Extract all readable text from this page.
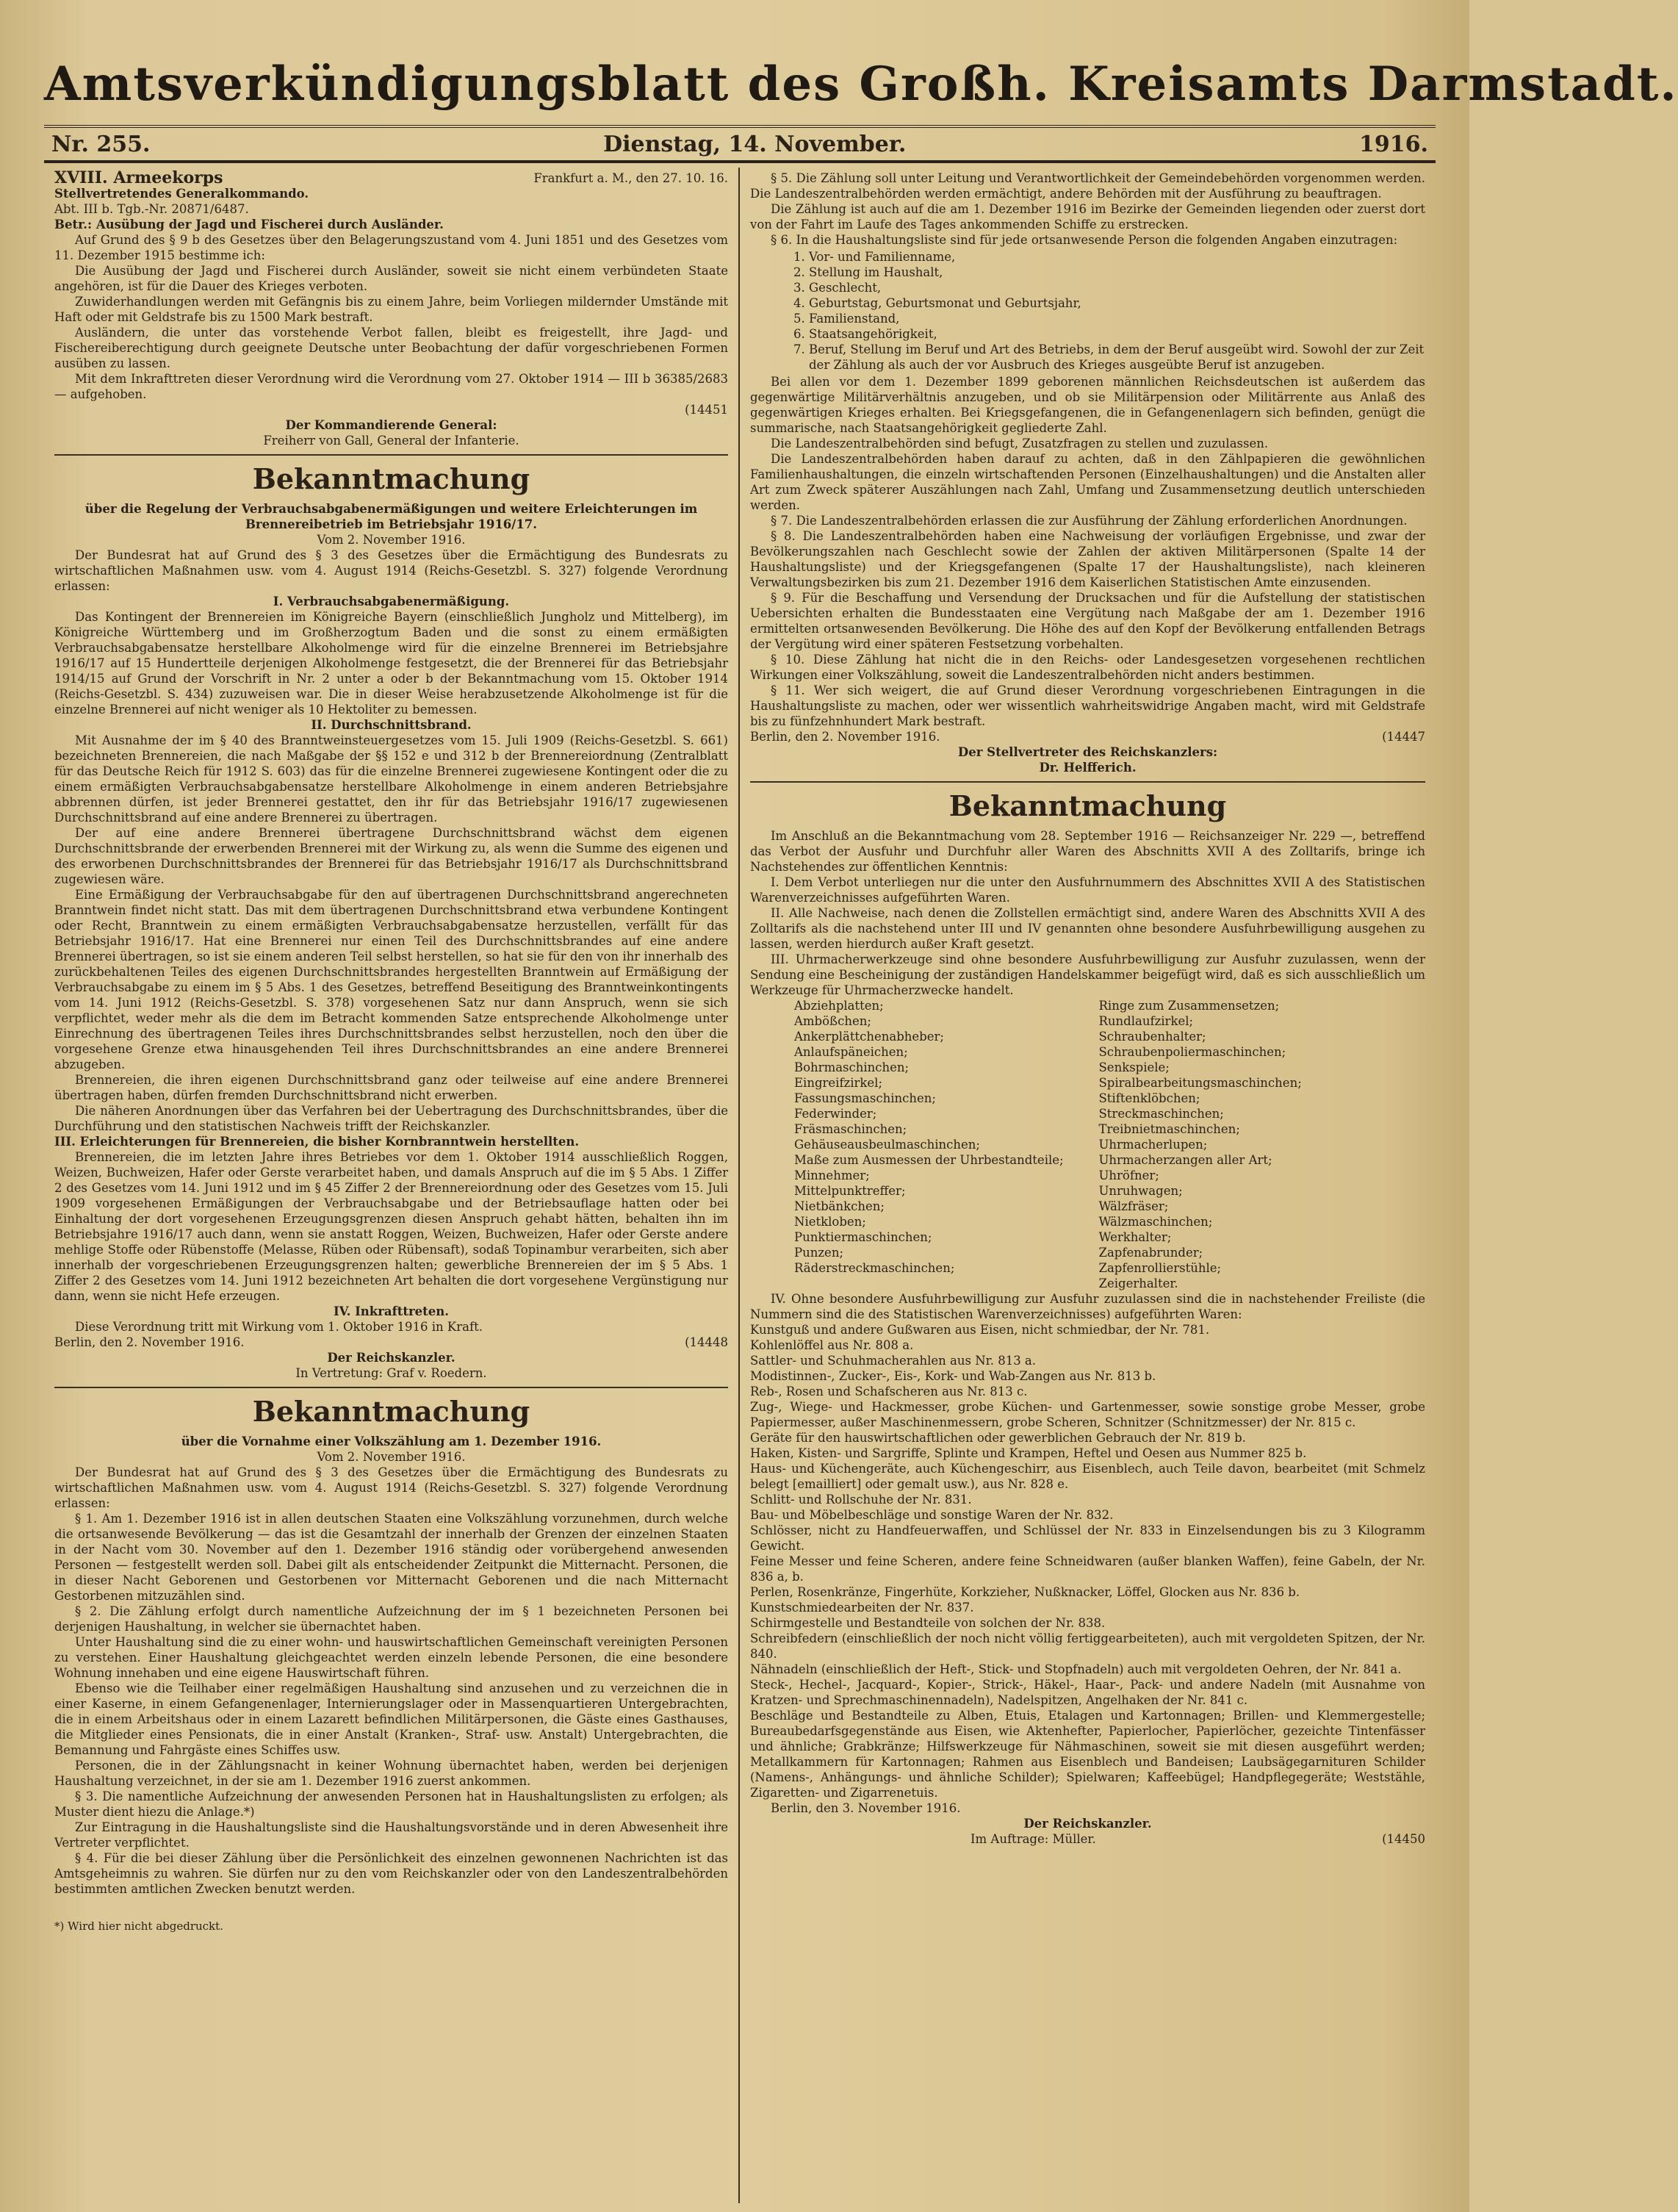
Amtsverkündigungsblatt des Großh. Kreisamts Darmstadt.
Nr. 255.	Dienstag, 14. November.	1916.
XVIII. Armeekorps	Frankfurt a. M., den 27. 10. 16.

Stellvertretendes Generalkommando.

Abt. III b. Tgb.-Nr. 20871/6487.

Betr.: Ausübung der Jagd und Fischerei durch Ausländer.

Auf Grund des § 9 b des Gesetzes über den Belagerungszustand vom 4. Juni 1851 und des Gesetzes vom 11. Dezember 1915 bestimme ich:

Die Ausübung der Jagd und Fischerei durch Ausländer, soweit sie nicht einem verbündeten Staate angehören, ist für die Dauer des Krieges verboten.

Zuwiderhandlungen werden mit Gefängnis bis zu einem Jahre, beim Vorliegen mildernder Umstände mit Haft oder mit Geldstrafe bis zu 1500 Mark bestraft.

Ausländern, die unter das vorstehende Verbot fallen, bleibt es freigestellt, ihre Jagd- und Fischereiberechtigung durch geeignete Deutsche unter Beobachtung der dafür vorgeschriebenen Formen ausüben zu lassen.

Mit dem Inkrafttreten dieser Verordnung wird die Verordnung vom 27. Oktober 1914 — III b 36385/2683 — aufgehoben.

(14451

Der Kommandierende General:

Freiherr von Gall, General der Infanterie.

Bekanntmachung

über die Regelung der Verbrauchsabgabenermäßigungen und weitere Erleichterungen im Brennereibetrieb im Betriebsjahr 1916/17.

Vom 2. November 1916.

Der Bundesrat hat auf Grund des § 3 des Gesetzes über die Ermächtigung des Bundesrats zu wirtschaftlichen Maßnahmen usw. vom 4. August 1914 (Reichs-Gesetzbl. S. 327) folgende Verordnung erlassen:

I. Verbrauchsabgabenermäßigung.

Das Kontingent der Brennereien im Königreiche Bayern (einschließlich Jungholz und Mittelberg), im Königreiche Württemberg und im Großherzogtum Baden und die sonst zu einem ermäßigten Verbrauchsabgabensatze herstellbare Alkoholmenge wird für die einzelne Brennerei im Betriebsjahre 1916/17 auf 15 Hundertteile derjenigen Alkoholmenge festgesetzt, die der Brennerei für das Betriebsjahr 1914/15 auf Grund der Vorschrift in Nr. 2 unter a oder b der Bekanntmachung vom 15. Oktober 1914 (Reichs-Gesetzbl. S. 434) zuzuweisen war. Die in dieser Weise herabzusetzende Alkoholmenge ist für die einzelne Brennerei auf nicht weniger als 10 Hektoliter zu bemessen.

II. Durchschnittsbrand.

Mit Ausnahme der im § 40 des Branntweinsteuergesetzes vom 15. Juli 1909 (Reichs-Gesetzbl. S. 661) bezeichneten Brennereien, die nach Maßgabe der §§ 152 e und 312 b der Brennereiordnung (Zentralblatt für das Deutsche Reich für 1912 S. 603) das für die einzelne Brennerei zugewiesene Kontingent oder die zu einem ermäßigten Verbrauchsabgabensatze herstellbare Alkoholmenge in einem anderen Betriebsjahre abbrennen dürfen, ist jeder Brennerei gestattet, den ihr für das Betriebsjahr 1916/17 zugewiesenen Durchschnittsbrand auf eine andere Brennerei zu übertragen.

Der auf eine andere Brennerei übertragene Durchschnittsbrand wächst dem eigenen Durchschnittsbrande der erwerbenden Brennerei mit der Wirkung zu, als wenn die Summe des eigenen und des erworbenen Durchschnittsbrandes der Brennerei für das Betriebsjahr 1916/17 als Durchschnittsbrand zugewiesen wäre.

Eine Ermäßigung der Verbrauchsabgabe für den auf übertragenen Durchschnittsbrand angerechneten Branntwein findet nicht statt. Das mit dem übertragenen Durchschnittsbrand etwa verbundene Kontingent oder Recht, Branntwein zu einem ermäßigten Verbrauchsabgabensatze herzustellen, verfällt für das Betriebsjahr 1916/17. Hat eine Brennerei nur einen Teil des Durchschnittsbrandes auf eine andere Brennerei übertragen, so ist sie einem anderen Teil selbst herstellen, so hat sie für den von ihr innerhalb des zurückbehaltenen Teiles des eigenen Durchschnittsbrandes hergestellten Branntwein auf Ermäßigung der Verbrauchsabgabe zu einem im § 5 Abs. 1 des Gesetzes, betreffend Beseitigung des Branntweinkontingents vom 14. Juni 1912 (Reichs-Gesetzbl. S. 378) vorgesehenen Satz nur dann Anspruch, wenn sie sich verpflichtet, weder mehr als die dem im Betracht kommenden Satze entsprechende Alkoholmenge unter Einrechnung des übertragenen Teiles ihres Durchschnittsbrandes selbst herzustellen, noch den über die vorgesehene Grenze etwa hinausgehenden Teil ihres Durchschnittsbrandes an eine andere Brennerei abzugeben.

Brennereien, die ihren eigenen Durchschnittsbrand ganz oder teilweise auf eine andere Brennerei übertragen haben, dürfen fremden Durchschnittsbrand nicht erwerben.

Die näheren Anordnungen über das Verfahren bei der Uebertragung des Durchschnittsbrandes, über die Durchführung und den statistischen Nachweis trifft der Reichskanzler.

III. Erleichterungen für Brennereien, die bisher Kornbranntwein herstellten.

Brennereien, die im letzten Jahre ihres Betriebes vor dem 1. Oktober 1914 ausschließlich Roggen, Weizen, Buchweizen, Hafer oder Gerste verarbeitet haben, und damals Anspruch auf die im § 5 Abs. 1 Ziffer 2 des Gesetzes vom 14. Juni 1912 und im § 45 Ziffer 2 der Brennereiordnung oder des Gesetzes vom 15. Juli 1909 vorgesehenen Ermäßigungen der Verbrauchsabgabe und der Betriebsauflage hatten oder bei Einhaltung der dort vorgesehenen Erzeugungsgrenzen diesen Anspruch gehabt hätten, behalten ihn im Betriebsjahre 1916/17 auch dann, wenn sie anstatt Roggen, Weizen, Buchweizen, Hafer oder Gerste andere mehlige Stoffe oder Rübenstoffe (Melasse, Rüben oder Rübensaft), sodaß Topinambur verarbeiten, sich aber innerhalb der vorgeschriebenen Erzeugungsgrenzen halten; gewerbliche Brennereien der im § 5 Abs. 1 Ziffer 2 des Gesetzes vom 14. Juni 1912 bezeichneten Art behalten die dort vorgesehene Vergünstigung nur dann, wenn sie nicht Hefe erzeugen.

IV. Inkrafttreten.

Diese Verordnung tritt mit Wirkung vom 1. Oktober 1916 in Kraft.

Berlin, den 2. November 1916.	(14448

Der Reichskanzler.

In Vertretung: Graf v. Roedern.

Bekanntmachung

über die Vornahme einer Volkszählung am 1. Dezember 1916.

Vom 2. November 1916.

Der Bundesrat hat auf Grund des § 3 des Gesetzes über die Ermächtigung des Bundesrats zu wirtschaftlichen Maßnahmen usw. vom 4. August 1914 (Reichs-Gesetzbl. S. 327) folgende Verordnung erlassen:

§ 1. Am 1. Dezember 1916 ist in allen deutschen Staaten eine Volkszählung vorzunehmen, durch welche die ortsanwesende Bevölkerung — das ist die Gesamtzahl der innerhalb der Grenzen der einzelnen Staaten in der Nacht vom 30. November auf den 1. Dezember 1916 ständig oder vorübergehend anwesenden Personen — festgestellt werden soll. Dabei gilt als entscheidender Zeitpunkt die Mitternacht. Personen, die in dieser Nacht Geborenen und Gestorbenen vor Mitternacht Geborenen und die nach Mitternacht Gestorbenen mitzuzählen sind.

§ 2. Die Zählung erfolgt durch namentliche Aufzeichnung der im § 1 bezeichneten Personen bei derjenigen Haushaltung, in welcher sie übernachtet haben.

Unter Haushaltung sind die zu einer wohn- und hauswirtschaftlichen Gemeinschaft vereinigten Personen zu verstehen. Einer Haushaltung gleichgeachtet werden einzeln lebende Personen, die eine besondere Wohnung innehaben und eine eigene Hauswirtschaft führen.

Ebenso wie die Teilhaber einer regelmäßigen Haushaltung sind anzusehen und zu verzeichnen die in einer Kaserne, in einem Gefangenenlager, Internierungslager oder in Massenquartieren Untergebrachten, die in einem Arbeitshaus oder in einem Lazarett befindlichen Militärpersonen, die Gäste eines Gasthauses, die Mitglieder eines Pensionats, die in einer Anstalt (Kranken-, Straf- usw. Anstalt) Untergebrachten, die Bemannung und Fahrgäste eines Schiffes usw.

Personen, die in der Zählungsnacht in keiner Wohnung übernachtet haben, werden bei derjenigen Haushaltung verzeichnet, in der sie am 1. Dezember 1916 zuerst ankommen.

§ 3. Die namentliche Aufzeichnung der anwesenden Personen hat in Haushaltungslisten zu erfolgen; als Muster dient hiezu die Anlage.*)

Zur Eintragung in die Haushaltungsliste sind die Haushaltungsvorstände und in deren Abwesenheit ihre Vertreter verpflichtet.

§ 4. Für die bei dieser Zählung über die Persönlichkeit des einzelnen gewonnenen Nachrichten ist das Amtsgeheimnis zu wahren. Sie dürfen nur zu den vom Reichskanzler oder von den Landeszentralbehörden bestimmten amtlichen Zwecken benutzt werden.

*) Wird hier nicht abgedruckt.

§ 5. Die Zählung soll unter Leitung und Verantwortlichkeit der Gemeindebehörden vorgenommen werden. Die Landeszentralbehörden werden ermächtigt, andere Behörden mit der Ausführung zu beauftragen.

Die Zählung ist auch auf die am 1. Dezember 1916 im Bezirke der Gemeinden liegenden oder zuerst dort von der Fahrt im Laufe des Tages ankommenden Schiffe zu erstrecken.

§ 6. In die Haushaltungsliste sind für jede ortsanwesende Person die folgenden Angaben einzutragen:

1. Vor- und Familienname,
2. Stellung im Haushalt,
3. Geschlecht,
4. Geburtstag, Geburtsmonat und Geburtsjahr,
5. Familienstand,
6. Staatsangehörigkeit,
7. Beruf, Stellung im Beruf und Art des Betriebs, in dem der Beruf ausgeübt wird. Sowohl der zur Zeit der Zählung als auch der vor Ausbruch des Krieges ausgeübte Beruf ist anzugeben.

Bei allen vor dem 1. Dezember 1899 geborenen männlichen Reichsdeutschen ist außerdem das gegenwärtige Militärverhältnis anzugeben, und ob sie Militärpension oder Militärrente aus Anlaß des gegenwärtigen Krieges erhalten. Bei Kriegsgefangenen, die in Gefangenenlagern sich befinden, genügt die summarische, nach Staatsangehörigkeit gegliederte Zahl.

Die Landeszentralbehörden sind befugt, Zusatzfragen zu stellen und zuzulassen.

Die Landeszentralbehörden haben darauf zu achten, daß in den Zählpapieren die gewöhnlichen Familienhaushaltungen, die einzeln wirtschaftenden Personen (Einzelhaushaltungen) und die Anstalten aller Art zum Zweck späterer Auszählungen nach Zahl, Umfang und Zusammensetzung deutlich unterschieden werden.

§ 7. Die Landeszentralbehörden erlassen die zur Ausführung der Zählung erforderlichen Anordnungen.

§ 8. Die Landeszentralbehörden haben eine Nachweisung der vorläufigen Ergebnisse, und zwar der Bevölkerungszahlen nach Geschlecht sowie der Zahlen der aktiven Militärpersonen (Spalte 14 der Haushaltungsliste) und der Kriegsgefangenen (Spalte 17 der Haushaltungsliste), nach kleineren Verwaltungsbezirken bis zum 21. Dezember 1916 dem Kaiserlichen Statistischen Amte einzusenden.

§ 9. Für die Beschaffung und Versendung der Drucksachen und für die Aufstellung der statistischen Uebersichten erhalten die Bundesstaaten eine Vergütung nach Maßgabe der am 1. Dezember 1916 ermittelten ortsanwesenden Bevölkerung. Die Höhe des auf den Kopf der Bevölkerung entfallenden Betrags der Vergütung wird einer späteren Festsetzung vorbehalten.

§ 10. Diese Zählung hat nicht die in den Reichs- oder Landesgesetzen vorgesehenen rechtlichen Wirkungen einer Volkszählung, soweit die Landeszentralbehörden nicht anders bestimmen.

§ 11. Wer sich weigert, die auf Grund dieser Verordnung vorgeschriebenen Eintragungen in die Haushaltungsliste zu machen, oder wer wissentlich wahrheitswidrige Angaben macht, wird mit Geldstrafe bis zu fünfzehnhundert Mark bestraft.

Berlin, den 2. November 1916.	(14447

Der Stellvertreter des Reichskanzlers:

Dr. Helfferich.

Bekanntmachung

Im Anschluß an die Bekanntmachung vom 28. September 1916 — Reichsanzeiger Nr. 229 —, betreffend das Verbot der Ausfuhr und Durchfuhr aller Waren des Abschnitts XVII A des Zolltarifs, bringe ich Nachstehendes zur öffentlichen Kenntnis:

I. Dem Verbot unterliegen nur die unter den Ausfuhrnummern des Abschnittes XVII A des Statistischen Warenverzeichnisses aufgeführten Waren.

II. Alle Nachweise, nach denen die Zollstellen ermächtigt sind, andere Waren des Abschnitts XVII A des Zolltarifs als die nachstehend unter III und IV genannten ohne besondere Ausfuhrbewilligung ausgehen zu lassen, werden hierdurch außer Kraft gesetzt.

III. Uhrmacherwerkzeuge sind ohne besondere Ausfuhrbewilligung zur Ausfuhr zuzulassen, wenn der Sendung eine Bescheinigung der zuständigen Handelskammer beigefügt wird, daß es sich ausschließlich um Werkzeuge für Uhrmacherzwecke handelt.

Abziehplatten;
Ambößchen;
Ankerplättchenabheber;
Anlaufspäneichen;
Bohrmaschinchen;
Eingreifzirkel;
Fassungsmaschinchen;
Federwinder;
Fräsmaschinchen;
Gehäuseausbeulmaschinchen;
Maße zum Ausmessen der Uhrbestandteile;
Minnehmer;
Mittelpunktreffer;
Nietbänkchen;
Nietkloben;
Punktiermaschinchen;
Punzen;
Räderstreckmaschinchen;
Ringe zum Zusammensetzen;
Rundlaufzirkel;
Schraubenhalter;
Schraubenpoliermaschinchen;
Senkspiele;
Spiralbearbeitungsmaschinchen;
Stiftenklöbchen;
Streckmaschinchen;
Treibnietmaschinchen;
Uhrmacherlupen;
Uhrmacherzangen aller Art;
Uhröfner;
Unruhwagen;
Wälzfräser;
Wälzmaschinchen;
Werkhalter;
Zapfenabrunder;
Zapfenrollierstühle;
Zeigerhalter.

IV. Ohne besondere Ausfuhrbewilligung zur Ausfuhr zuzulassen sind die in nachstehender Freiliste (die Nummern sind die des Statistischen Warenverzeichnisses) aufgeführten Waren:

Kunstguß und andere Gußwaren aus Eisen, nicht schmiedbar, der Nr. 781.

Kohlenlöffel aus Nr. 808 a.

Sattler- und Schuhmacherahlen aus Nr. 813 a.

Modistinnen-, Zucker-, Eis-, Kork- und Wab-Zangen aus Nr. 813 b.

Reb-, Rosen und Schafscheren aus Nr. 813 c.

Zug-, Wiege- und Hackmesser, grobe Küchen- und Gartenmesser, sowie sonstige grobe Messer, grobe Papiermesser, außer Maschinenmessern, grobe Scheren, Schnitzer (Schnitzmesser) der Nr. 815 c.

Geräte für den hauswirtschaftlichen oder gewerblichen Gebrauch der Nr. 819 b.

Haken, Kisten- und Sargriffe, Splinte und Krampen, Heftel und Oesen aus Nummer 825 b.

Haus- und Küchengeräte, auch Küchengeschirr, aus Eisenblech, auch Teile davon, bearbeitet (mit Schmelz belegt [emailliert] oder gemalt usw.), aus Nr. 828 e.

Schlitt- und Rollschuhe der Nr. 831.

Bau- und Möbelbeschläge und sonstige Waren der Nr. 832.

Schlösser, nicht zu Handfeuerwaffen, und Schlüssel der Nr. 833 in Einzelsendungen bis zu 3 Kilogramm Gewicht.

Feine Messer und feine Scheren, andere feine Schneidwaren (außer blanken Waffen), feine Gabeln, der Nr. 836 a, b.

Perlen, Rosenkränze, Fingerhüte, Korkzieher, Nußknacker, Löffel, Glocken aus Nr. 836 b.

Kunstschmiedearbeiten der Nr. 837.

Schirmgestelle und Bestandteile von solchen der Nr. 838.

Schreibfedern (einschließlich der noch nicht völlig fertiggearbeiteten), auch mit vergoldeten Spitzen, der Nr. 840.

Nähnadeln (einschließlich der Heft-, Stick- und Stopfnadeln) auch mit vergoldeten Oehren, der Nr. 841 a.

Steck-, Hechel-, Jacquard-, Kopier-, Strick-, Häkel-, Haar-, Pack- und andere Nadeln (mit Ausnahme von Kratzen- und Sprechmaschinennadeln), Nadelspitzen, Angelhaken der Nr. 841 c.

Beschläge und Bestandteile zu Alben, Etuis, Etalagen und Kartonnagen; Brillen- und Klemmergestelle; Bureaubedarfsgegenstände aus Eisen, wie Aktenhefter, Papierlocher, Papierlöcher, gezeichte Tintenfässer und ähnliche; Grabkränze; Hilfswerkzeuge für Nähmaschinen, soweit sie mit diesen ausgeführt werden; Metallkammern für Kartonnagen; Rahmen aus Eisenblech und Bandeisen; Laubsägegarnituren Schilder (Namens-, Anhängungs- und ähnliche Schilder); Spielwaren; Kaffeebügel; Handpflegegeräte; Weststähle, Zigaretten- und Zigarrenetuis.

Berlin, den 3. November 1916.

Der Reichskanzler.

Im Auftrage: Müller.	(14450
